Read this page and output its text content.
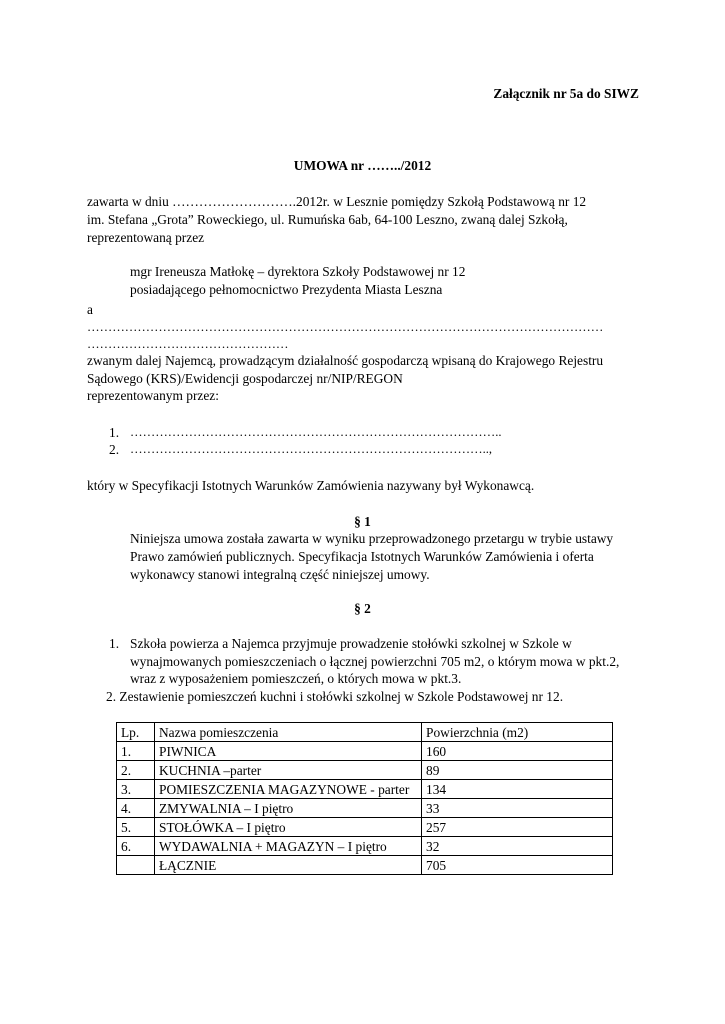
Załącznik nr 5a do SIWZ
UMOWA nr ……../2012
zawarta w dniu ……………………….2012r. w Lesznie pomiędzy Szkołą Podstawową nr 12
im. Stefana „Grota” Roweckiego, ul. Rumuńska 6ab, 64-100 Leszno, zwaną dalej Szkołą,
reprezentowaną przez
mgr Ireneusza Matłokę – dyrektora Szkoły Podstawowej nr 12
posiadającego pełnomocnictwo Prezydenta Miasta Leszna
a
……………………………………………………………………………………………………………
…………………………………………
zwanym dalej Najemcą, prowadzącym działalność gospodarczą wpisaną do Krajowego Rejestru
Sądowego (KRS)/Ewidencji gospodarczej nr/NIP/REGON
reprezentowanym przez:
1. ……………………………………………………………………………..
2. …………………………………………………………………………..,
który w Specyfikacji Istotnych Warunków Zamówienia nazywany był Wykonawcą.
§ 1
Niniejsza umowa została zawarta w wyniku przeprowadzonego przetargu w trybie ustawy
Prawo zamówień publicznych. Specyfikacja Istotnych Warunków Zamówienia i oferta
wykonawcy stanowi integralną część niniejszej umowy.
§ 2
1. Szkoła powierza a Najemca przyjmuje prowadzenie stołówki szkolnej w Szkole w
wynajmowanych pomieszczeniach o łącznej powierzchni 705 m2, o którym mowa w pkt.2,
wraz z wyposażeniem pomieszczeń, o których mowa w pkt.3.
2. Zestawienie pomieszczeń kuchni i stołówki szkolnej w Szkole Podstawowej nr 12.
Lp.	Nazwa pomieszczenia	Powierzchnia (m2)
1.	PIWNICA	160
2.	KUCHNIA –parter	89
3.	POMIESZCZENIA MAGAZYNOWE - parter	134
4.	ZMYWALNIA – I piętro	33
5.	STOŁÓWKA – I piętro	257
6.	WYDAWALNIA + MAGAZYN – I piętro	32
	ŁĄCZNIE	705
